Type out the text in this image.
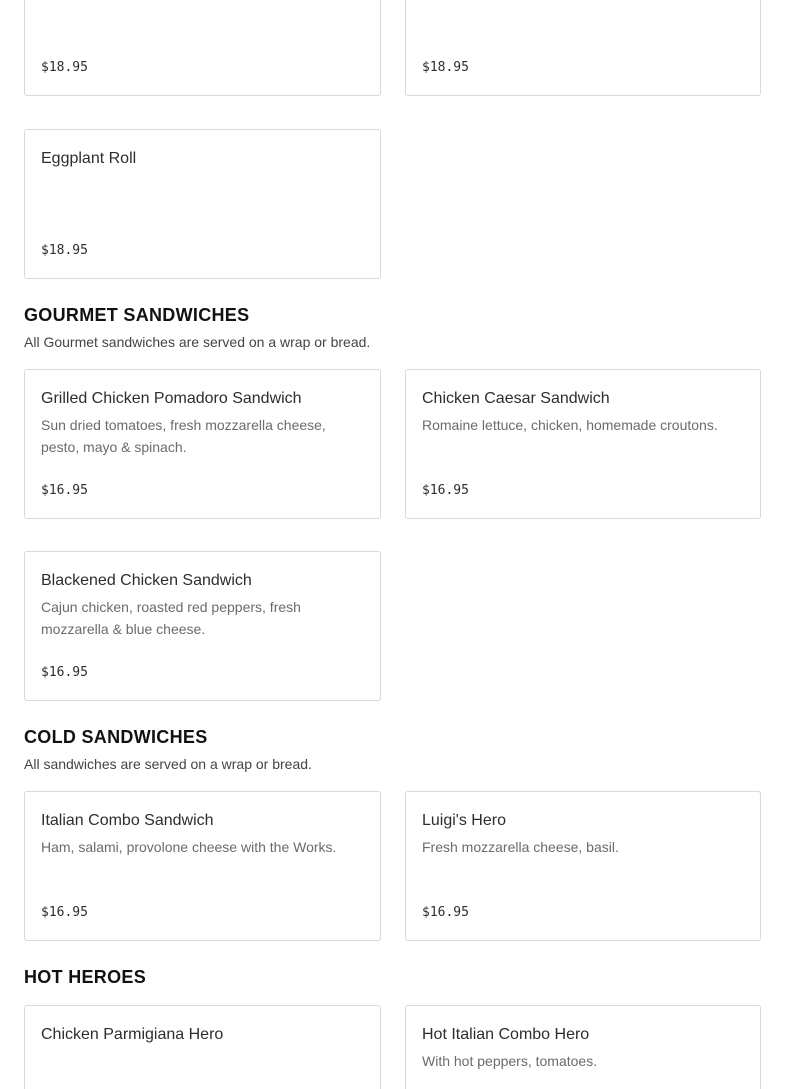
$18.95	$18.95
Eggplant Roll
$18.95
GOURMET SANDWICHES

All Gourmet sandwiches are served on a wrap or bread.

Grilled Chicken Pomadoro Sandwich
Sun dried tomatoes, fresh mozzarella cheese, pesto, mayo & spinach.
$16.95
Chicken Caesar Sandwich
Romaine lettuce, chicken, homemade croutons.
$16.95
Blackened Chicken Sandwich
Cajun chicken, roasted red peppers, fresh mozzarella & blue cheese.
$16.95
COLD SANDWICHES

All sandwiches are served on a wrap or bread.

Italian Combo Sandwich
Ham, salami, provolone cheese with the Works.
$16.95
Luigi's Hero
Fresh mozzarella cheese, basil.
$16.95
HOT HEROES
Chicken Parmigiana Hero	Hot Italian Combo Hero
With hot peppers, tomatoes.
